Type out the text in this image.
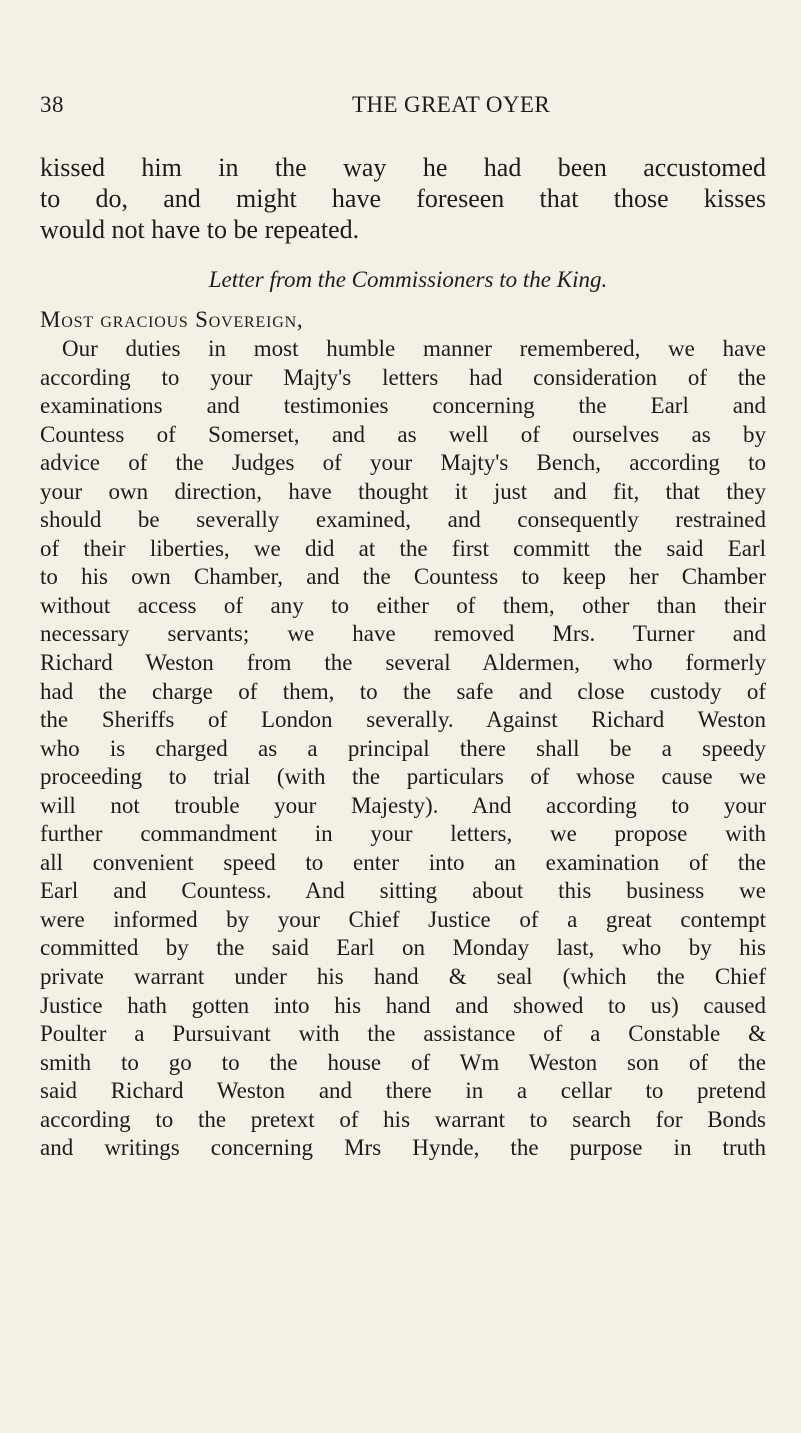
38	THE GREAT OYER
kissed him in the way he had been accustomed
to do, and might have foreseen that those kisses
would not have to be repeated.
Letter from the Commissioners to the King.
Most gracious Sovereign,
Our duties in most humble manner remembered, we have
according to your Majty's letters had consideration of the
examinations and testimonies concerning the Earl and
Countess of Somerset, and as well of ourselves as by
advice of the Judges of your Majty's Bench, according to
your own direction, have thought it just and fit, that they
should be severally examined, and consequently restrained
of their liberties, we did at the first committ the said Earl
to his own Chamber, and the Countess to keep her Chamber
without access of any to either of them, other than their
necessary servants; we have removed Mrs. Turner and
Richard Weston from the several Aldermen, who formerly
had the charge of them, to the safe and close custody of
the Sheriffs of London severally. Against Richard Weston
who is charged as a principal there shall be a speedy
proceeding to trial (with the particulars of whose cause we
will not trouble your Majesty). And according to your
further commandment in your letters, we propose with
all convenient speed to enter into an examination of the
Earl and Countess. And sitting about this business we
were informed by your Chief Justice of a great contempt
committed by the said Earl on Monday last, who by his
private warrant under his hand & seal (which the Chief
Justice hath gotten into his hand and showed to us) caused
Poulter a Pursuivant with the assistance of a Constable &
smith to go to the house of Wm Weston son of the
said Richard Weston and there in a cellar to pretend
according to the pretext of his warrant to search for Bonds
and writings concerning Mrs Hynde, the purpose in truth
